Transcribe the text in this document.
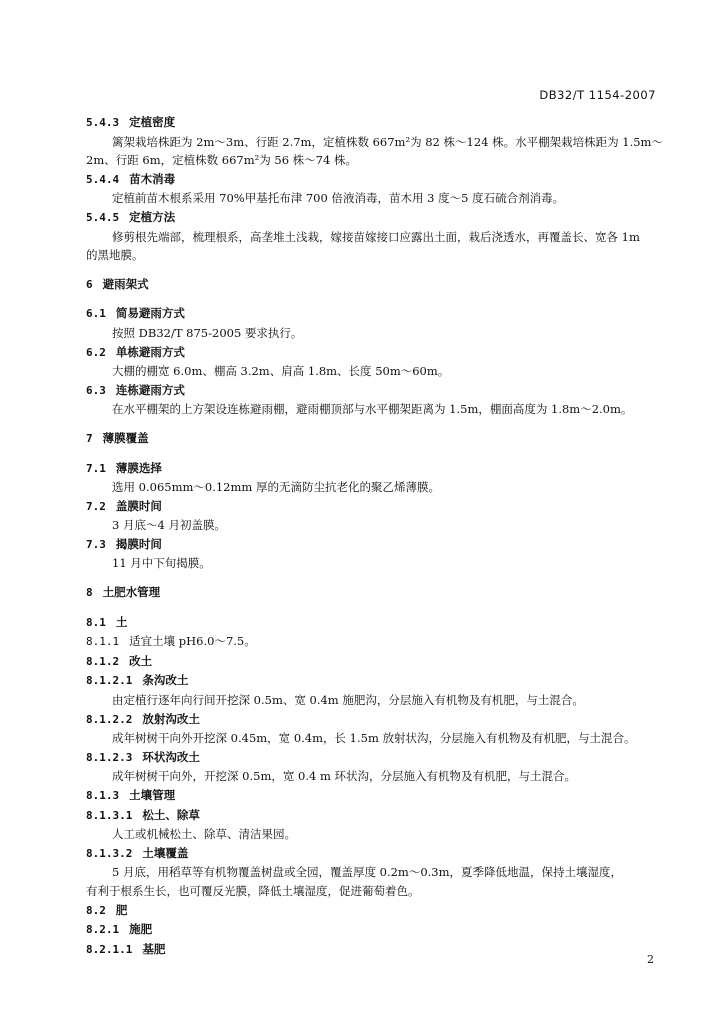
DB32/T 1154-2007
5.4.3 定植密度
篱架栽培株距为 2m～3m、行距 2.7m，定植株数 667m²为 82 株～124 株。水平棚架栽培株距为 1.5m～
2m、行距 6m，定植株数 667m²为 56 株～74 株。
5.4.4 苗木消毒
定植前苗木根系采用 70%甲基托布津 700 倍液消毒，苗木用 3 度～5 度石硫合剂消毒。
5.4.5 定植方法
修剪根先端部，梳理根系，高垄堆土浅栽，嫁接苗嫁接口应露出土面，栽后浇透水，再覆盖长、宽各 1m
的黑地膜。
6 避雨架式
6.1 简易避雨方式
按照 DB32/T 875-2005 要求执行。
6.2 单栋避雨方式
大棚的棚宽 6.0m、棚高 3.2m、肩高 1.8m、长度 50m～60m。
6.3 连栋避雨方式
在水平棚架的上方架设连栋避雨棚，避雨棚顶部与水平棚架距离为 1.5m，棚面高度为 1.8m～2.0m。
7 薄膜覆盖
7.1 薄膜选择
选用 0.065mm～0.12mm 厚的无滴防尘抗老化的聚乙烯薄膜。
7.2 盖膜时间
3 月底～4 月初盖膜。
7.3 揭膜时间
11 月中下旬揭膜。
8 土肥水管理
8.1 土
8.1.1 适宜土壤 pH6.0～7.5。
8.1.2 改土
8.1.2.1 条沟改土
由定植行逐年向行间开挖深 0.5m、宽 0.4m 施肥沟，分层施入有机物及有机肥，与土混合。
8.1.2.2 放射沟改土
成年树树干向外开挖深 0.45m，宽 0.4m，长 1.5m 放射状沟，分层施入有机物及有机肥，与土混合。
8.1.2.3 环状沟改土
成年树树干向外，开挖深 0.5m，宽 0.4 m 环状沟，分层施入有机物及有机肥，与土混合。
8.1.3 土壤管理
8.1.3.1 松土、除草
人工或机械松土、除草、清洁果园。
8.1.3.2 土壤覆盖
5 月底，用稻草等有机物覆盖树盘或全园，覆盖厚度 0.2m～0.3m，夏季降低地温，保持土壤湿度，
有利于根系生长，也可覆反光膜，降低土壤湿度，促进葡萄着色。
8.2 肥
8.2.1 施肥
8.2.1.1 基肥
2
